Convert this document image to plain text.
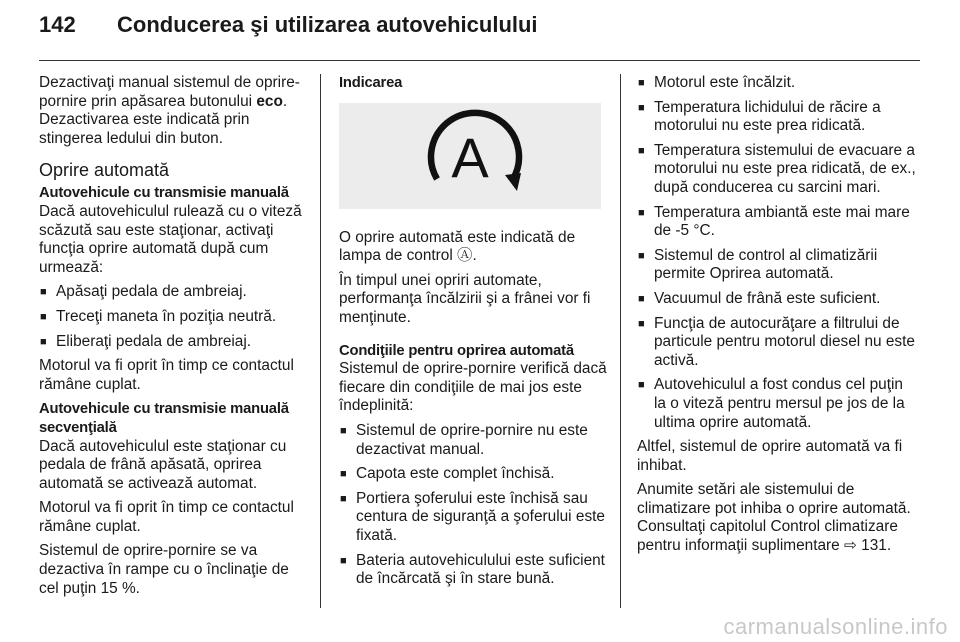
142 Conducerea şi utilizarea autovehiculului

Dezactivaţi manual sistemul de oprire-pornire prin apăsarea butonului eco. Dezactivarea este indicată prin stingerea ledului din buton.

Oprire automată
Autovehicule cu transmisie manuală

Dacă autovehiculul rulează cu o viteză scăzută sau este staţionar, activaţi funcţia oprire automată după cum urmează:

■ Apăsaţi pedala de ambreiaj.
■ Treceţi maneta în poziţia neutră.
■ Eliberaţi pedala de ambreiaj.

Motorul va fi oprit în timp ce contactul rămâne cuplat.

Autovehicule cu transmisie manuală secvenţială

Dacă autovehiculul este staţionar cu pedala de frână apăsată, oprirea automată se activează automat.

Motorul va fi oprit în timp ce contactul rămâne cuplat.

Sistemul de oprire-pornire se va dezactiva în rampe cu o înclinaţie de cel puţin 15 %.

Indicarea
A

O oprire automată este indicată de lampa de control Ⓐ.

În timpul unei opriri automate, performanţa încălzirii şi a frânei vor fi menţinute.

Condiţiile pentru oprirea automată

Sistemul de oprire-pornire verifică dacă fiecare din condiţiile de mai jos este îndeplinită:

■ Sistemul de oprire-pornire nu este dezactivat manual.
■ Capota este complet închisă.
■ Portiera şoferului este închisă sau centura de siguranţă a şoferului este fixată.
■ Bateria autovehiculului este suficient de încărcată şi în stare bună.
■ Motorul este încălzit.
■ Temperatura lichidului de răcire a motorului nu este prea ridicată.
■ Temperatura sistemului de evacuare a motorului nu este prea ridicată, de ex., după conducerea cu sarcini mari.
■ Temperatura ambiantă este mai mare de -5 °C.
■ Sistemul de control al climatizării permite Oprirea automată.
■ Vacuumul de frână este suficient.
■ Funcţia de autocurăţare a filtrului de particule pentru motorul diesel nu este activă.
■ Autovehiculul a fost condus cel puţin la o viteză pentru mersul pe jos de la ultima oprire automată.

Altfel, sistemul de oprire automată va fi inhibat.

Anumite setări ale sistemului de climatizare pot inhiba o oprire automată. Consultaţi capitolul Control climatizare pentru informaţii suplimentare ⇨ 131.

carmanualsonline.info
